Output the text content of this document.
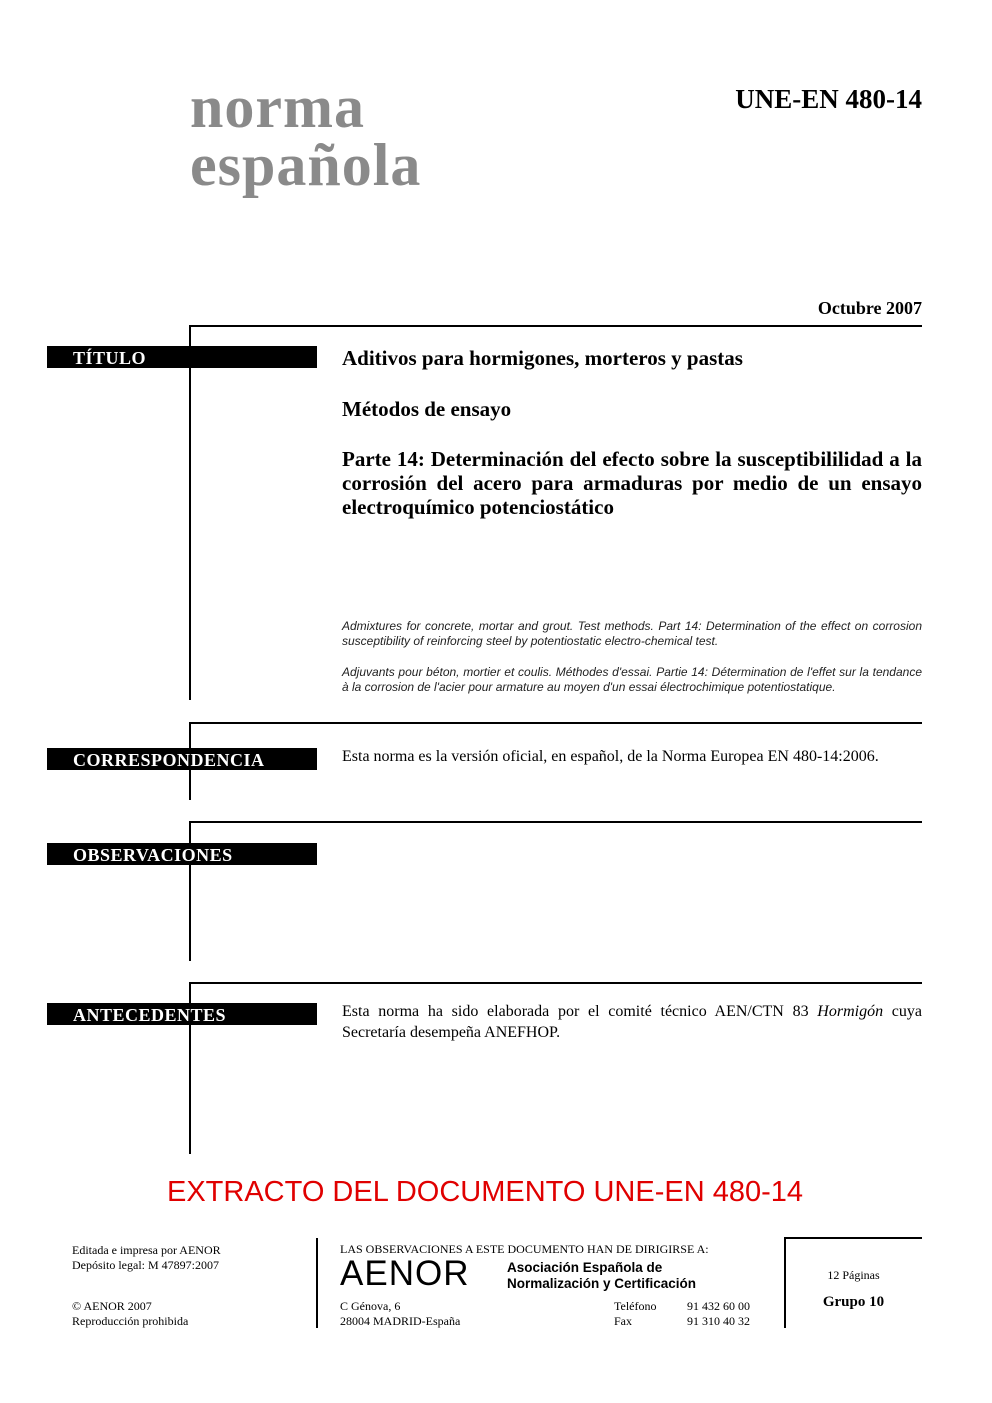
norma
española
UNE-EN 480-14
Octubre 2007
TÍTULO	Aditivos para hormigones, morteros y pastas
Métodos de ensayo
Parte 14: Determinación del efecto sobre la susceptibililidad a la corrosión del acero para armaduras por medio de un ensayo electroquímico potenciostático
Admixtures for concrete, mortar and grout. Test methods. Part 14: Determination of the effect on corrosion susceptibility of reinforcing steel by potentiostatic electro-chemical test.
Adjuvants pour béton, mortier et coulis. Méthodes d'essai. Partie 14: Détermination de l'effet sur la tendance à la corrosion de l'acier pour armature au moyen d'un essai électrochimique potentiostatique.
CORRESPONDENCIA	Esta norma es la versión oficial, en español, de la Norma Europea EN 480-14:2006.
OBSERVACIONES
ANTECEDENTES	Esta norma ha sido elaborada por el comité técnico AEN/CTN 83 Hormigón cuya Secretaría desempeña ANEFHOP.
EXTRACTO DEL DOCUMENTO UNE-EN 480-14
Editada e impresa por AENOR
Depósito legal: M 47897:2007
© AENOR 2007
Reproducción prohibida
LAS OBSERVACIONES A ESTE DOCUMENTO HAN DE DIRIGIRSE A:
AENOR	Asociación Española de
Normalización y Certificación
C Génova, 6
28004 MADRID-España
Teléfono	91 432 60 00
Fax	91 310 40 32
12 Páginas
Grupo 10
